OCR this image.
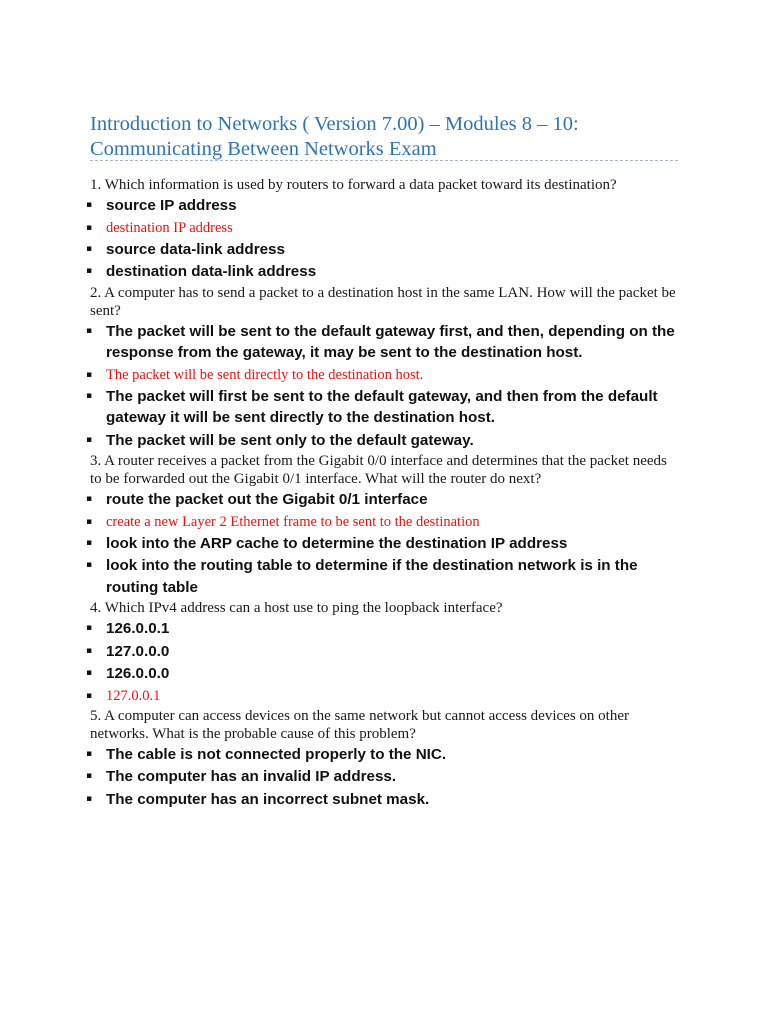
Introduction to Networks ( Version 7.00) – Modules 8 – 10:
Communicating Between Networks Exam

1. Which information is used by routers to forward a data packet toward its destination?

▪ source IP address
▪ destination IP address
▪ source data-link address
▪ destination data-link address

2. A computer has to send a packet to a destination host in the same LAN. How will the packet be sent?

▪ The packet will be sent to the default gateway first, and then, depending on the response from the gateway, it may be sent to the destination host.
▪ The packet will be sent directly to the destination host.
▪ The packet will first be sent to the default gateway, and then from the default gateway it will be sent directly to the destination host.
▪ The packet will be sent only to the default gateway.

3. A router receives a packet from the Gigabit 0/0 interface and determines that the packet needs to be forwarded out the Gigabit 0/1 interface. What will the router do next?

▪ route the packet out the Gigabit 0/1 interface
▪ create a new Layer 2 Ethernet frame to be sent to the destination
▪ look into the ARP cache to determine the destination IP address
▪ look into the routing table to determine if the destination network is in the routing table

4. Which IPv4 address can a host use to ping the loopback interface?

▪ 126.0.0.1
▪ 127.0.0.0
▪ 126.0.0.0
▪ 127.0.0.1

5. A computer can access devices on the same network but cannot access devices on other networks. What is the probable cause of this problem?

▪ The cable is not connected properly to the NIC.
▪ The computer has an invalid IP address.
▪ The computer has an incorrect subnet mask.
